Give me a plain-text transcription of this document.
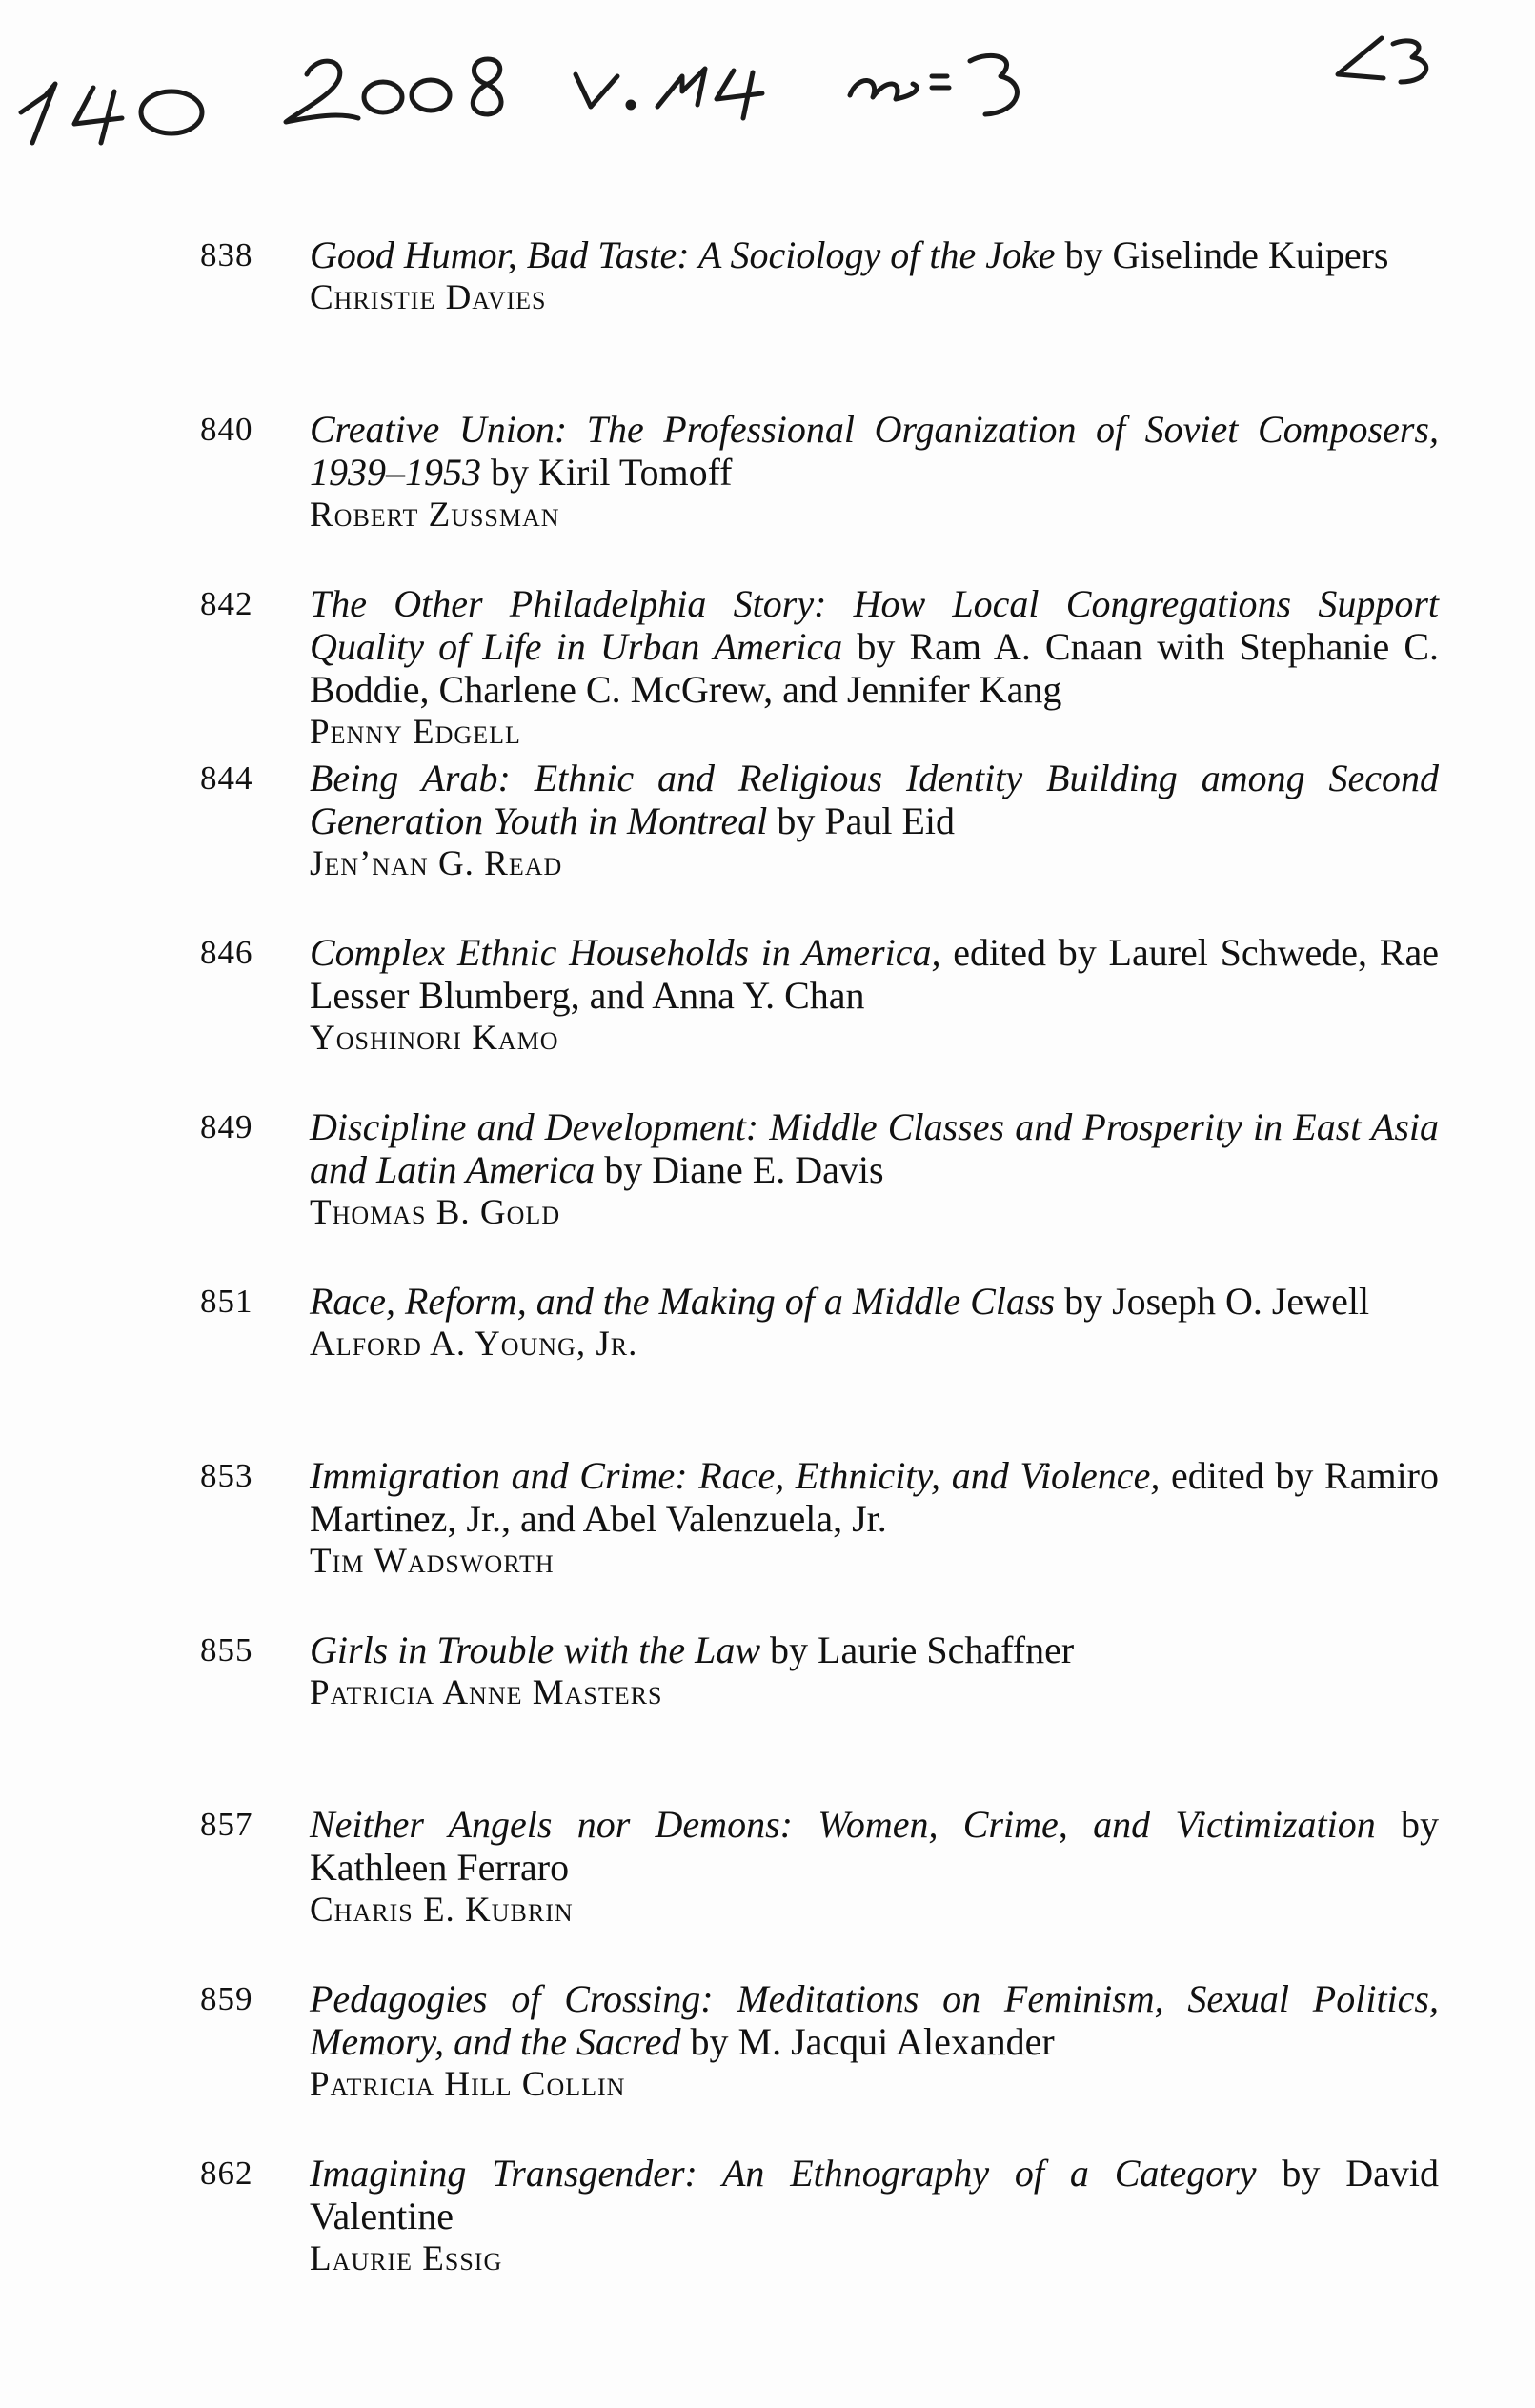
838	Good Humor, Bad Taste: A Sociology of the Joke by Giselinde Kuipers
Christie Davies
840	Creative Union: The Professional Organization of Soviet Composers, 1939–1953 by Kiril Tomoff
Robert Zussman
842	The Other Philadelphia Story: How Local Congregations Support Quality of Life in Urban America by Ram A. Cnaan with Stephanie C. Boddie, Charlene C. McGrew, and Jennifer Kang
Penny Edgell
844	Being Arab: Ethnic and Religious Identity Building among Second Generation Youth in Montreal by Paul Eid
Jen’nan G. Read
846	Complex Ethnic Households in America, edited by Laurel Schwede, Rae Lesser Blumberg, and Anna Y. Chan
Yoshinori Kamo
849	Discipline and Development: Middle Classes and Prosperity in East Asia and Latin America by Diane E. Davis
Thomas B. Gold
851	Race, Reform, and the Making of a Middle Class by Joseph O. Jewell
Alford A. Young, Jr.
853	Immigration and Crime: Race, Ethnicity, and Violence, edited by Ramiro Martinez, Jr., and Abel Valenzuela, Jr.
Tim Wadsworth
855	Girls in Trouble with the Law by Laurie Schaffner
Patricia Anne Masters
857	Neither Angels nor Demons: Women, Crime, and Victimization by Kathleen Ferraro
Charis E. Kubrin
859	Pedagogies of Crossing: Meditations on Feminism, Sexual Politics, Memory, and the Sacred by M. Jacqui Alexander
Patricia Hill Collin
862	Imagining Transgender: An Ethnography of a Category by David Valentine
Laurie Essig
